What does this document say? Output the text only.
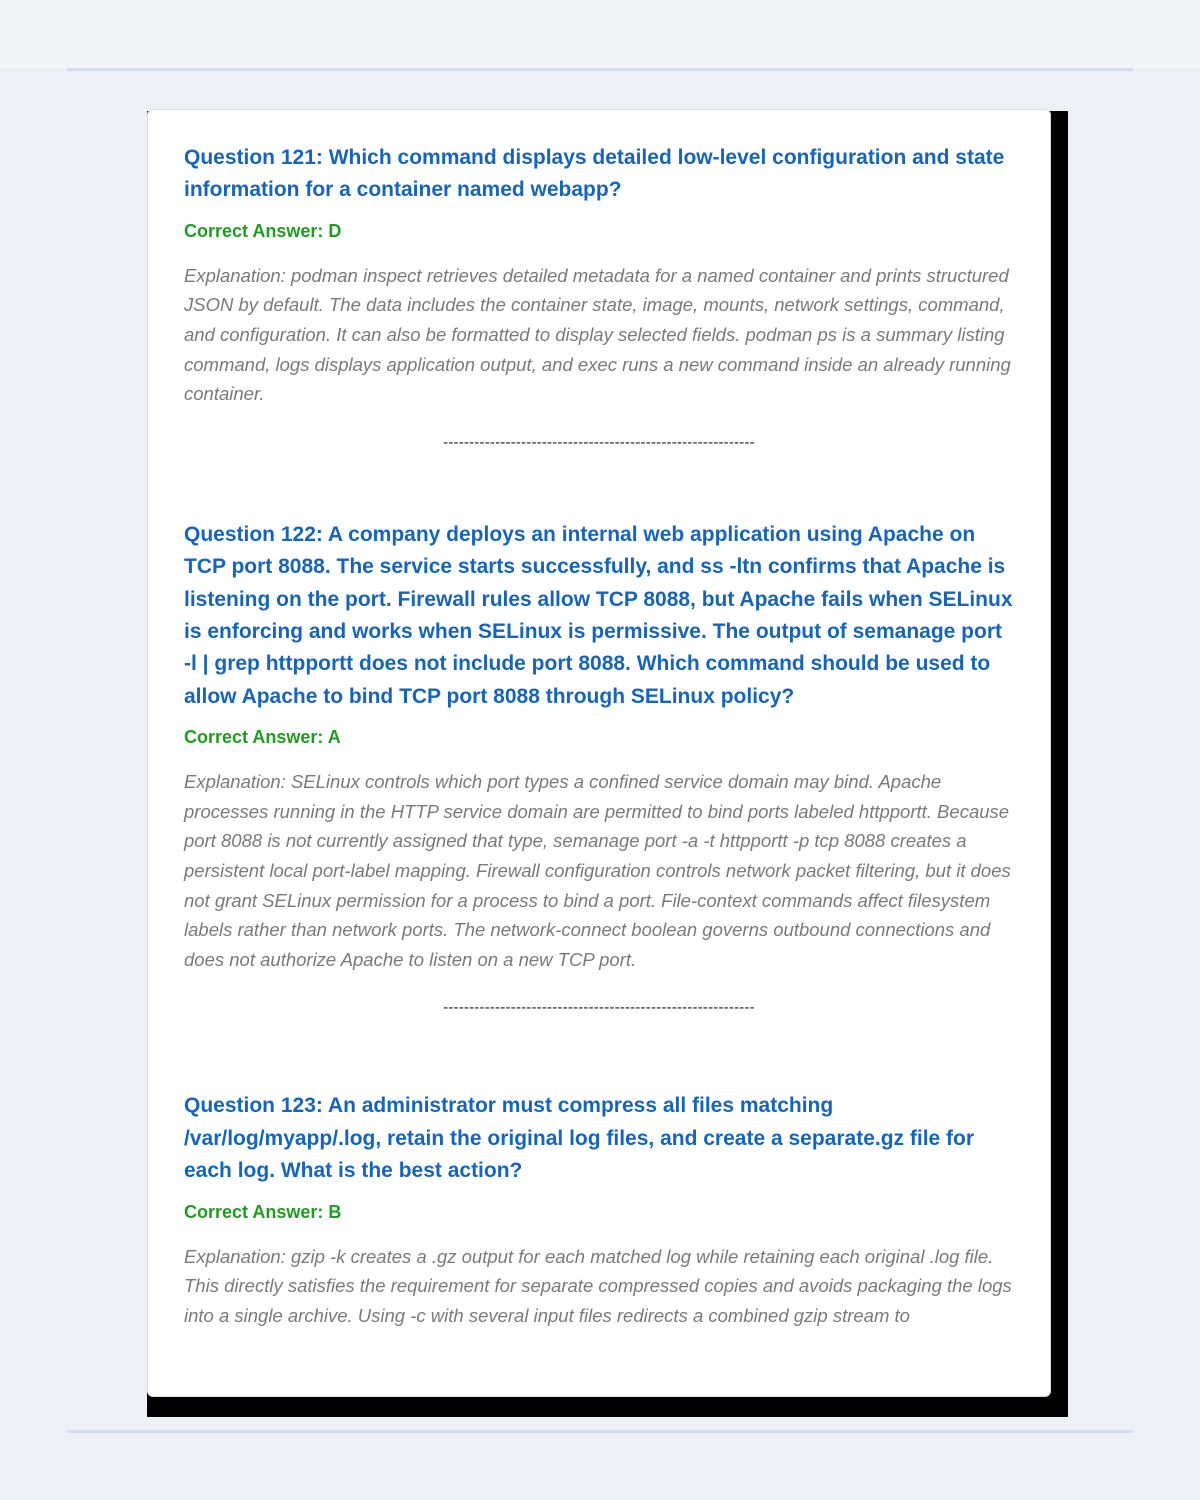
Question 121: Which command displays detailed low-level configuration and state information for a container named webapp?

Correct Answer: D

Explanation: podman inspect retrieves detailed metadata for a named container and prints structured JSON by default. The data includes the container state, image, mounts, network settings, command, and configuration. It can also be formatted to display selected fields. podman ps is a summary listing command, logs displays application output, and exec runs a new command inside an already running container.

------------------------------------------------------------

Question 122: A company deploys an internal web application using Apache on TCP port 8088. The service starts successfully, and ss -ltn confirms that Apache is listening on the port. Firewall rules allow TCP 8088, but Apache fails when SELinux is enforcing and works when SELinux is permissive. The output of semanage port -l | grep httpportt does not include port 8088. Which command should be used to allow Apache to bind TCP port 8088 through SELinux policy?

Correct Answer: A

Explanation: SELinux controls which port types a confined service domain may bind. Apache processes running in the HTTP service domain are permitted to bind ports labeled httpportt. Because port 8088 is not currently assigned that type, semanage port -a -t httpportt -p tcp 8088 creates a persistent local port-label mapping. Firewall configuration controls network packet filtering, but it does not grant SELinux permission for a process to bind a port. File-context commands affect filesystem labels rather than network ports. The network-connect boolean governs outbound connections and does not authorize Apache to listen on a new TCP port.

------------------------------------------------------------

Question 123: An administrator must compress all files matching /var/log/myapp/.log, retain the original log files, and create a separate.gz file for each log. What is the best action?

Correct Answer: B

Explanation: gzip -k creates a .gz output for each matched log while retaining each original .log file. This directly satisfies the requirement for separate compressed copies and avoids packaging the logs into a single archive. Using -c with several input files redirects a combined gzip stream to
